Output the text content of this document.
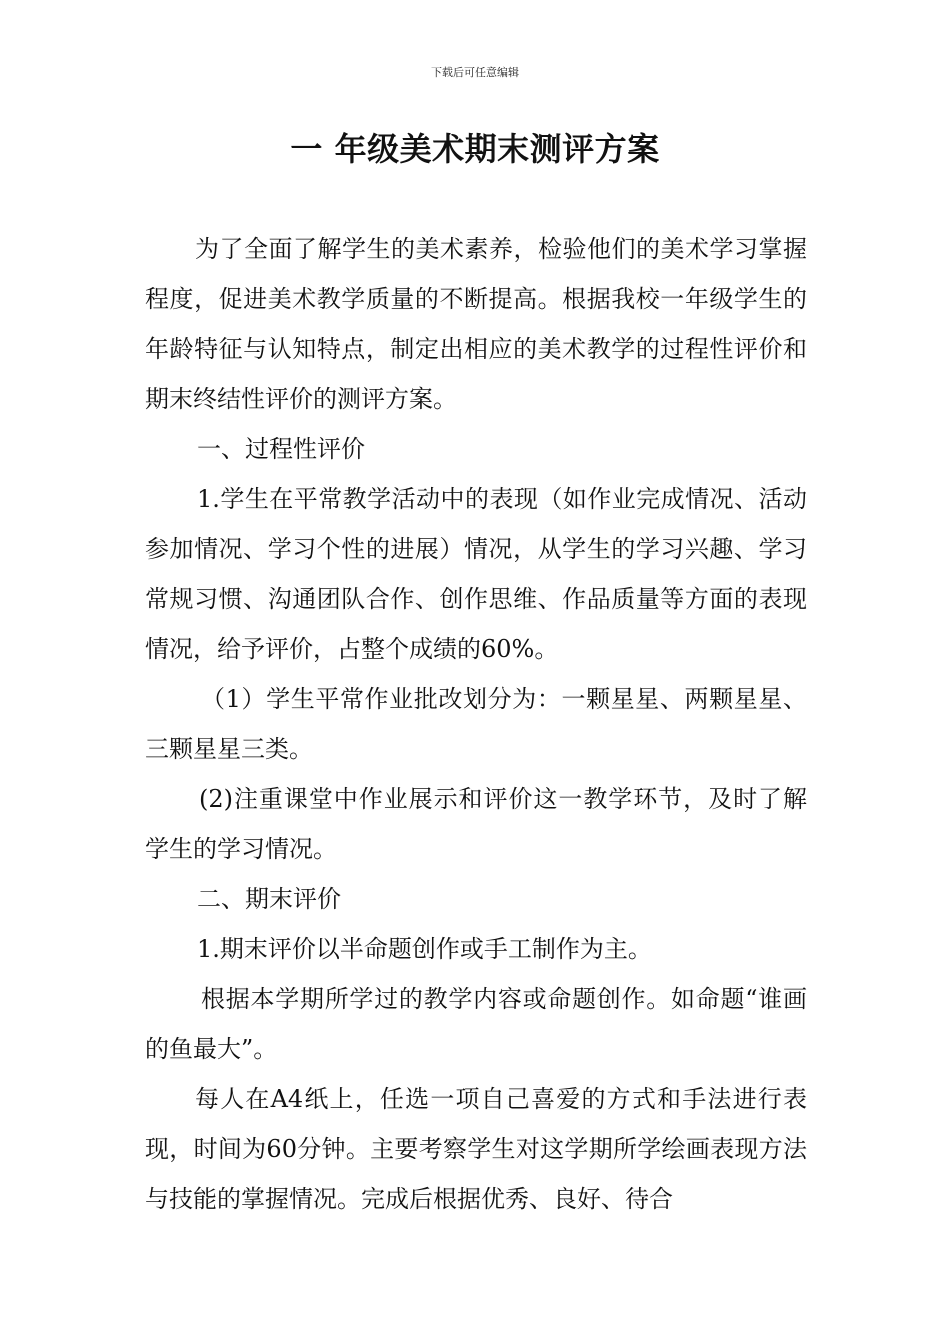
下载后可任意编辑
一 年级美术期末测评方案

为了全面了解学生的美术素养，检验他们的美术学习掌握程度，促进美术教学质量的不断提高。根据我校一年级学生的年龄特征与认知特点，制定出相应的美术教学的过程性评价和期末终结性评价的测评方案。

一、过程性评价

1.学生在平常教学活动中的表现（如作业完成情况、活动参加情况、学习个性的进展）情况，从学生的学习兴趣、学习常规习惯、沟通团队合作、创作思维、作品质量等方面的表现情况，给予评价，占整个成绩的60%。

（1）学生平常作业批改划分为：一颗星星、两颗星星、三颗星星三类。

(2)注重课堂中作业展示和评价这一教学环节，及时了解学生的学习情况。

二、期末评价

1.期末评价以半命题创作或手工制作为主。

根据本学期所学过的教学内容或命题创作。如命题“谁画的鱼最大”。

每人在A4纸上，任选一项自己喜爱的方式和手法进行表现，时间为60分钟。主要考察学生对这学期所学绘画表现方法与技能的掌握情况。完成后根据优秀、良好、待合
